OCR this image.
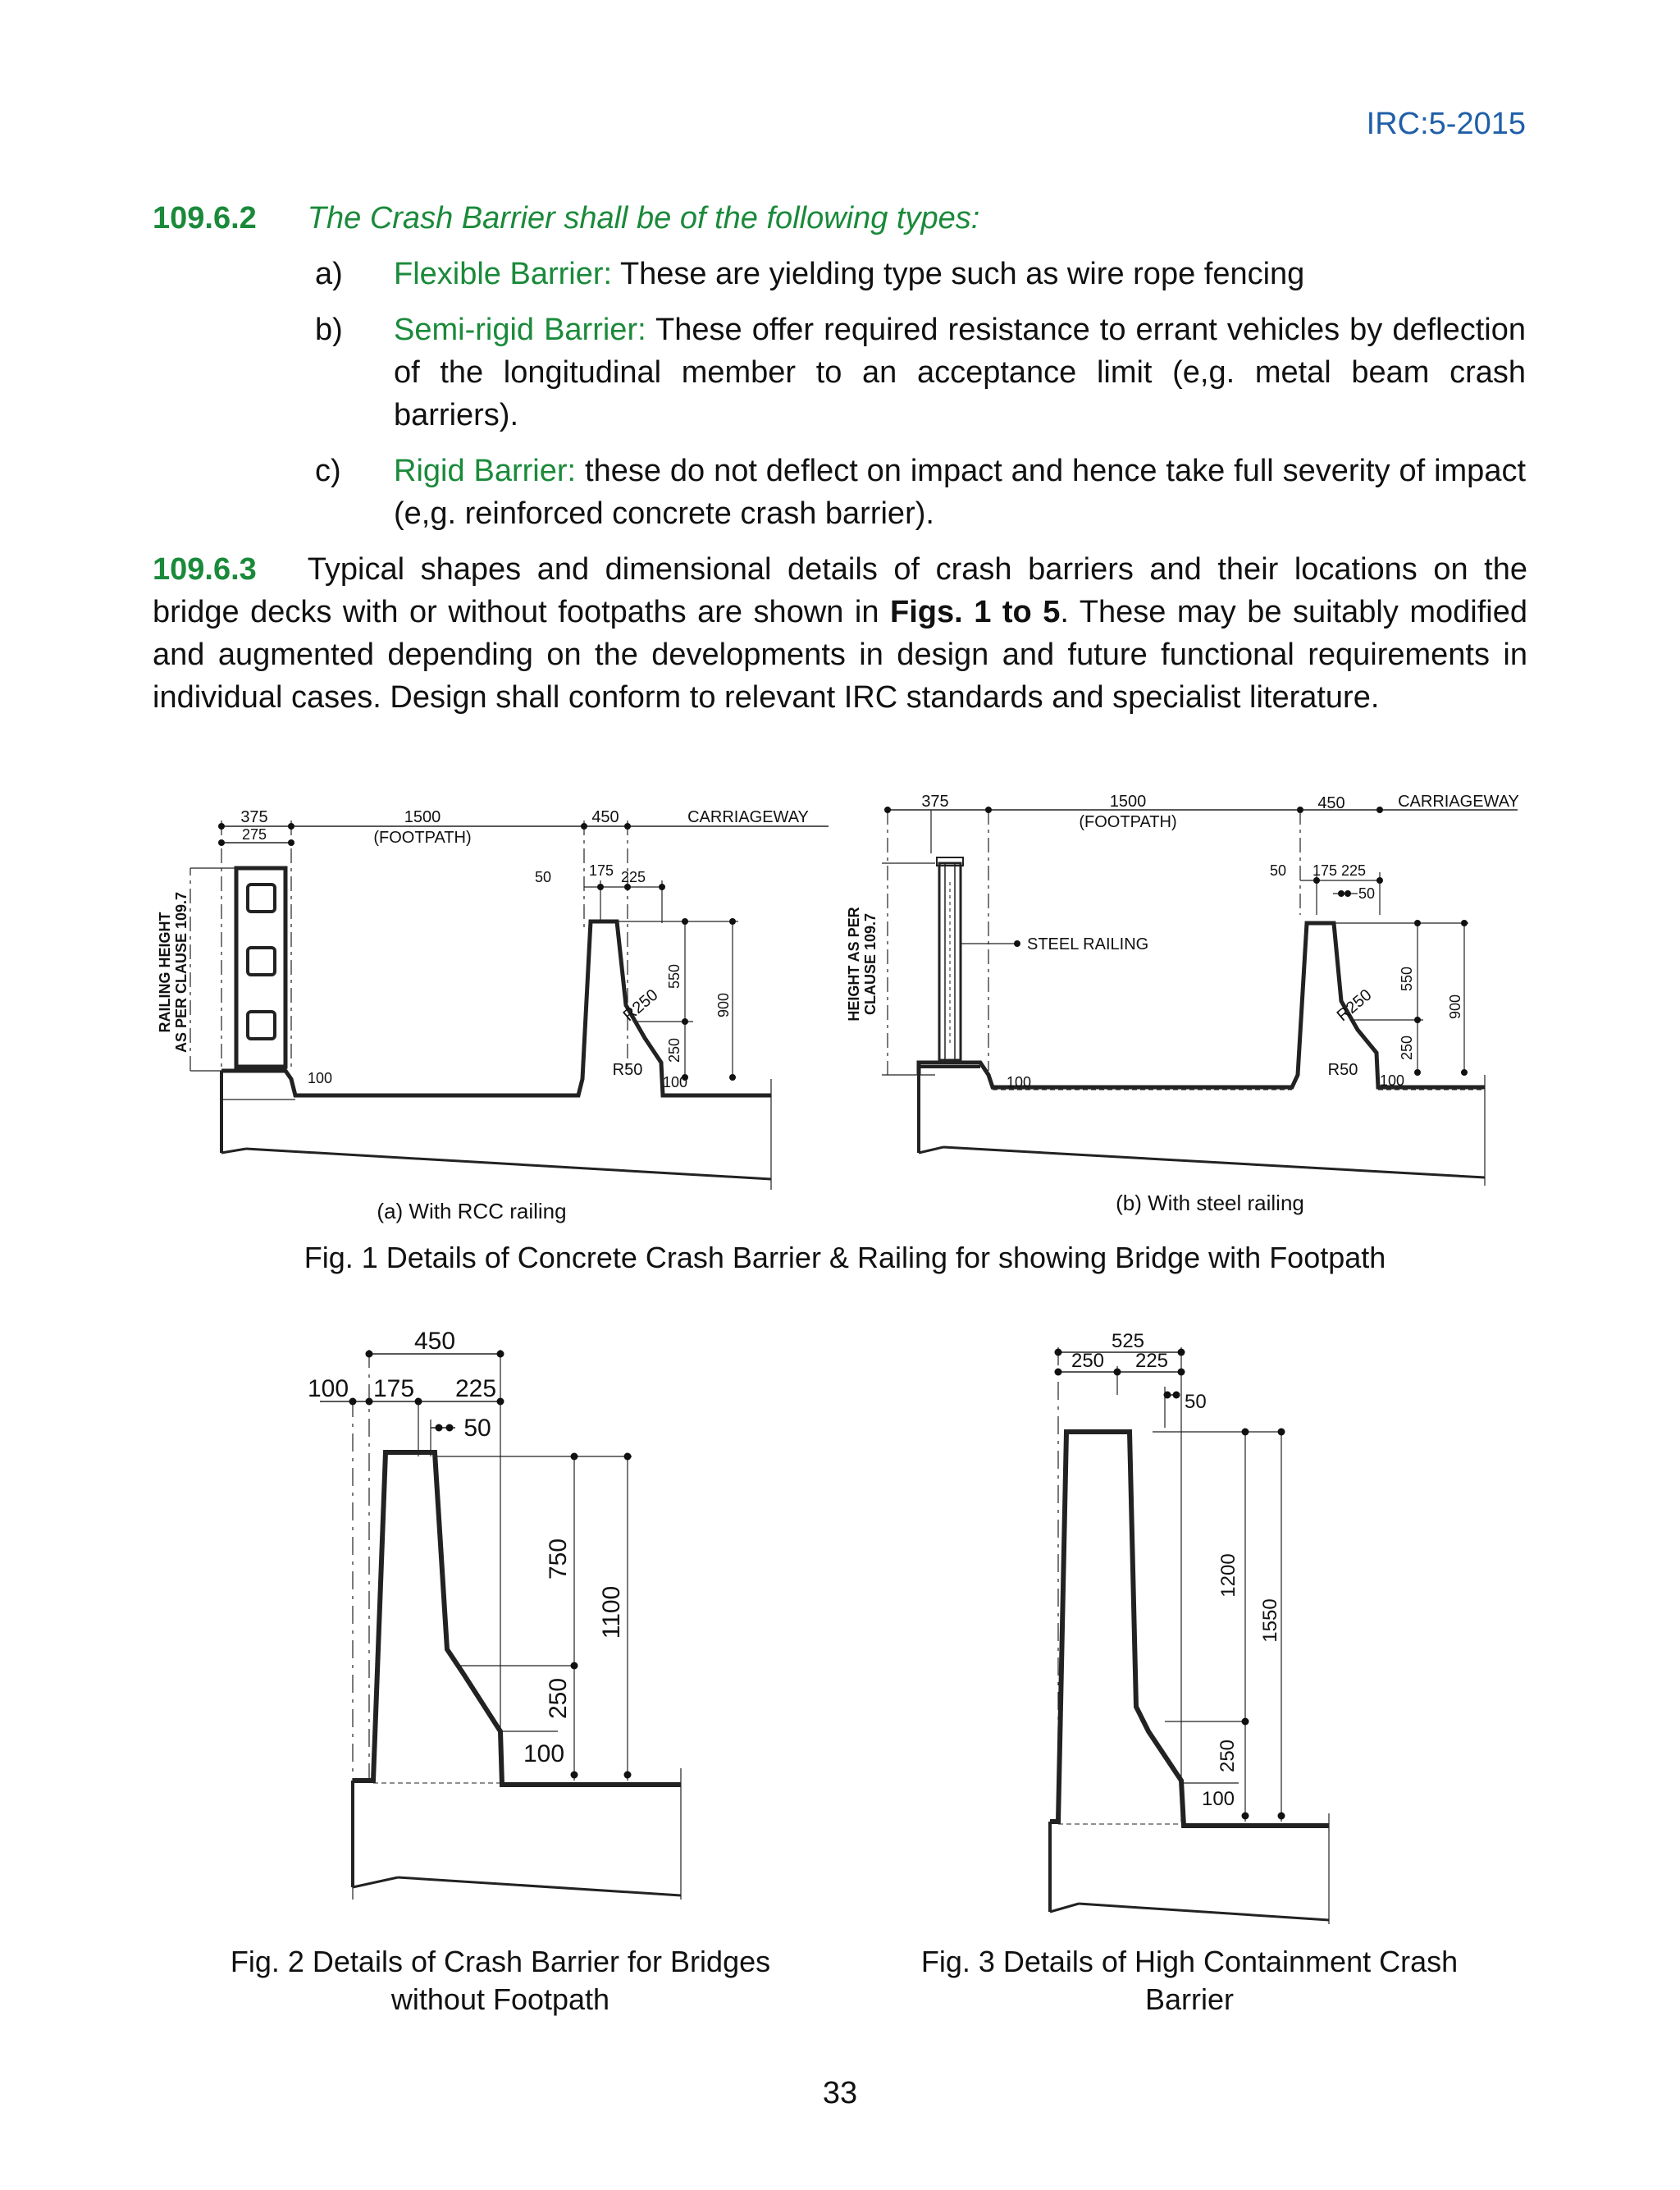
IRC:5-2015
109.6.2 The Crash Barrier shall be of the following types:
a)	Flexible Barrier: These are yielding type such as wire rope fencing
b)	Semi-rigid Barrier: These offer required resistance to errant vehicles by deflection of the longitudinal member to an acceptance limit (e,g. metal beam crash barriers).
c)	Rigid Barrier: these do not deflect on impact and hence take full severity of impact (e,g. reinforced concrete crash barrier).
109.6.3 Typical shapes and dimensional details of crash barriers and their locations on the bridge decks with or without footpaths are shown in Figs. 1 to 5. These may be suitably modified and augmented depending on the developments in design and future functional requirements in individual cases. Design shall conform to relevant IRC standards and specialist literature.
375
275
1500
(FOOTPATH)
450	CARRIAGEWAY
50	175 225
R250
550
900
250
R50
100	100
RAILING HEIGHT AS PER CLAUSE 109.7
(a) With RCC railing
375	1500
(FOOTPATH)
450	CARRIAGEWAY
50 175 225
50
R250
550
900
250
R50
100	100
STEEL RAILING
HEIGHT AS PER CLAUSE 109.7
(b) With steel railing
Fig. 1 Details of Concrete Crash Barrier & Railing for showing Bridge with Footpath
450
100 175 225
50
750
1100
250
100
525
250 225
50
1200
1550
250
100
Fig. 2 Details of Crash Barrier for Bridges
without Footpath
Fig. 3 Details of High Containment Crash
Barrier
33
